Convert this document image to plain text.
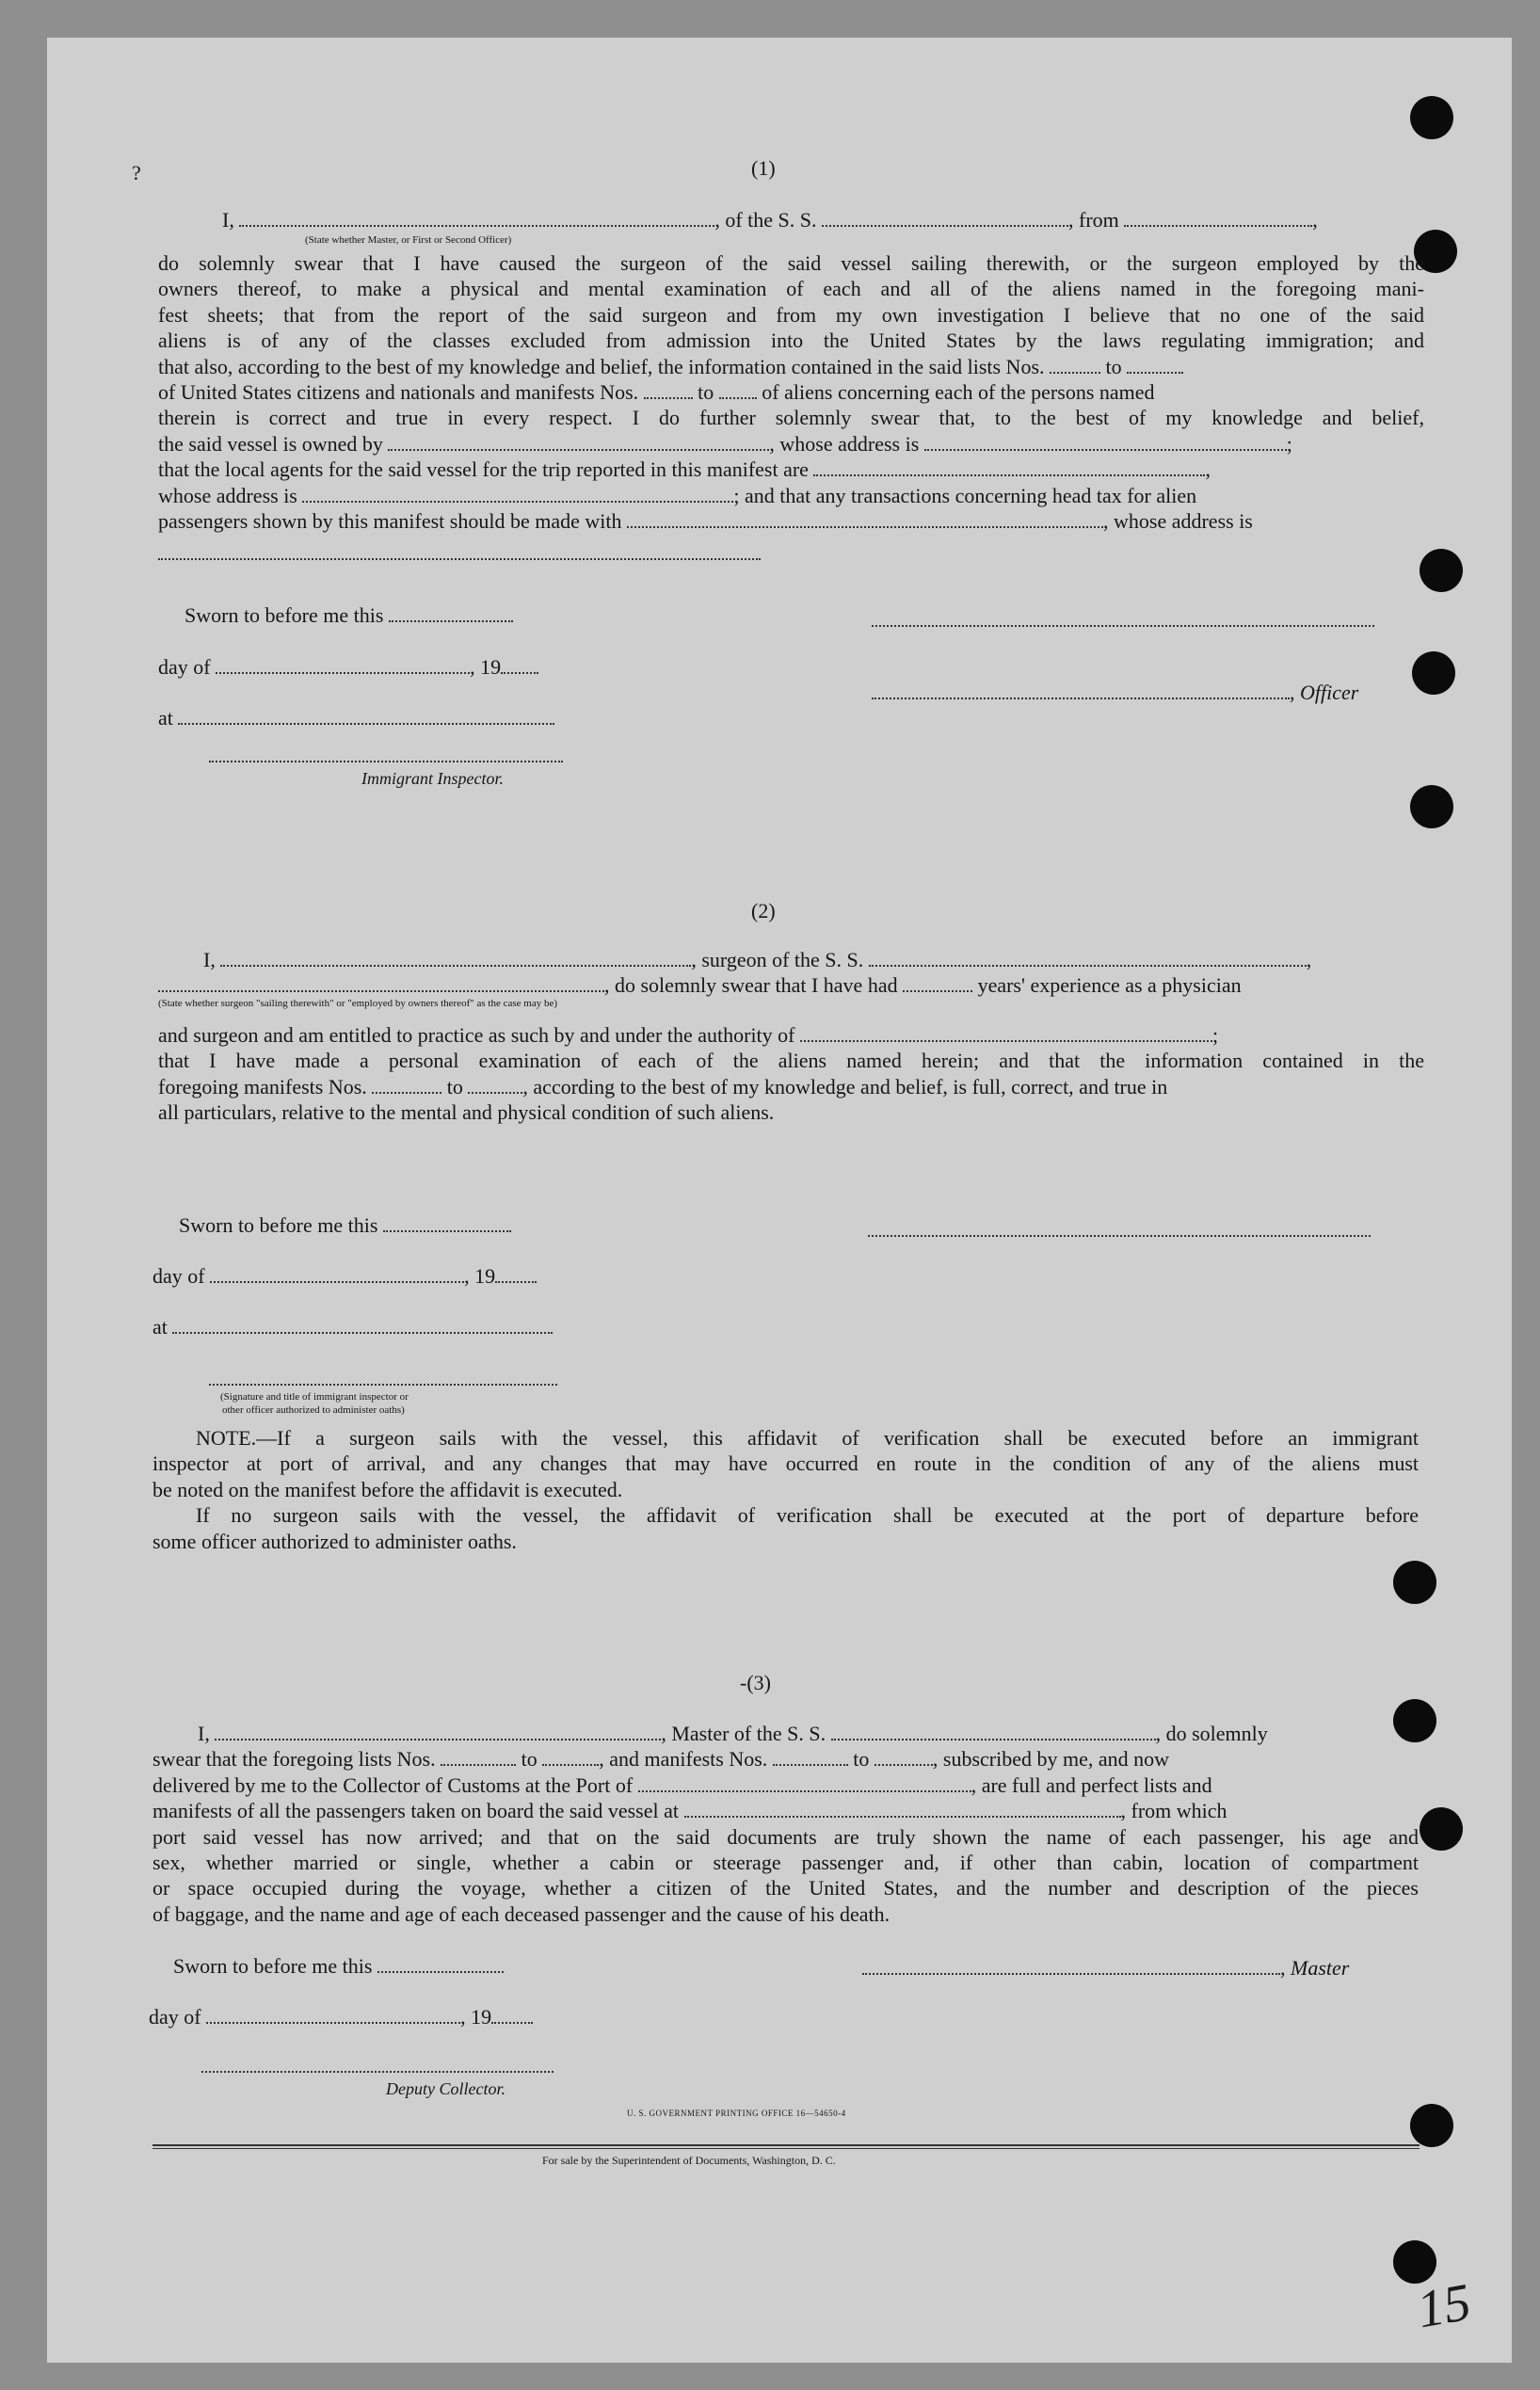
?	(1)
I,	, of the S. S.	, from	,
(State whether Master, or First or Second Officer)
do solemnly swear that I have caused the surgeon of the said vessel sailing therewith, or the surgeon employed by the
owners thereof, to make a physical and mental examination of each and all of the aliens named in the foregoing mani-
fest sheets; that from the report of the said surgeon and from my own investigation I believe that no one of the said
aliens is of any of the classes excluded from admission into the United States by the laws regulating immigration; and
that also, according to the best of my knowledge and belief, the information contained in the said lists Nos.	to
of United States citizens and nationals and manifests Nos.	to of aliens concerning each of the persons named
therein is correct and true in every respect. I do further solemnly swear that, to the best of my knowledge and belief,
the said vessel is owned by	, whose address is	;
that the local agents for the said vessel for the trip reported in this manifest are	,
whose address is	; and that any transactions concerning head tax for alien
passengers shown by this manifest should be made with	, whose address is
Sworn to before me this
day of	, 19
, Officer
at
Immigrant Inspector.
(2)
I,	, surgeon of the S. S.	,
, do solemnly swear that I have had	years' experience as a physician
(State whether surgeon "sailing therewith" or "employed by owners thereof" as the case may be)
and surgeon and am entitled to practice as such by and under the authority of	;
that I have made a personal examination of each of the aliens named herein; and that the information contained in the
foregoing manifests Nos.	to	, according to the best of my knowledge and belief, is full, correct, and true in
all particulars, relative to the mental and physical condition of such aliens.
Sworn to before me this
day of	, 19
at
(Signature and title of immigrant inspector or
other officer authorized to administer oaths)
NOTE.—If a surgeon sails with the vessel, this affidavit of verification shall be executed before an immigrant
inspector at port of arrival, and any changes that may have occurred en route in the condition of any of the aliens must
be noted on the manifest before the affidavit is executed.
If no surgeon sails with the vessel, the affidavit of verification shall be executed at the port of departure before
some officer authorized to administer oaths.
-(3)
I,	, Master of the S. S.	, do solemnly
swear that the foregoing lists Nos.	to	, and manifests Nos.	to	, subscribed by me, and now
delivered by me to the Collector of Customs at the Port of	, are full and perfect lists and
manifests of all the passengers taken on board the said vessel at	, from which
port said vessel has now arrived; and that on the said documents are truly shown the name of each passenger, his age and
sex, whether married or single, whether a cabin or steerage passenger and, if other than cabin, location of compartment
or space occupied during the voyage, whether a citizen of the United States, and the number and description of the pieces
of baggage, and the name and age of each deceased passenger and the cause of his death.
Sworn to before me this	, Master
day of	, 19
Deputy Collector.
U. S. GOVERNMENT PRINTING OFFICE 16—54650-4
For sale by the Superintendent of Documents, Washington, D. C.
15
